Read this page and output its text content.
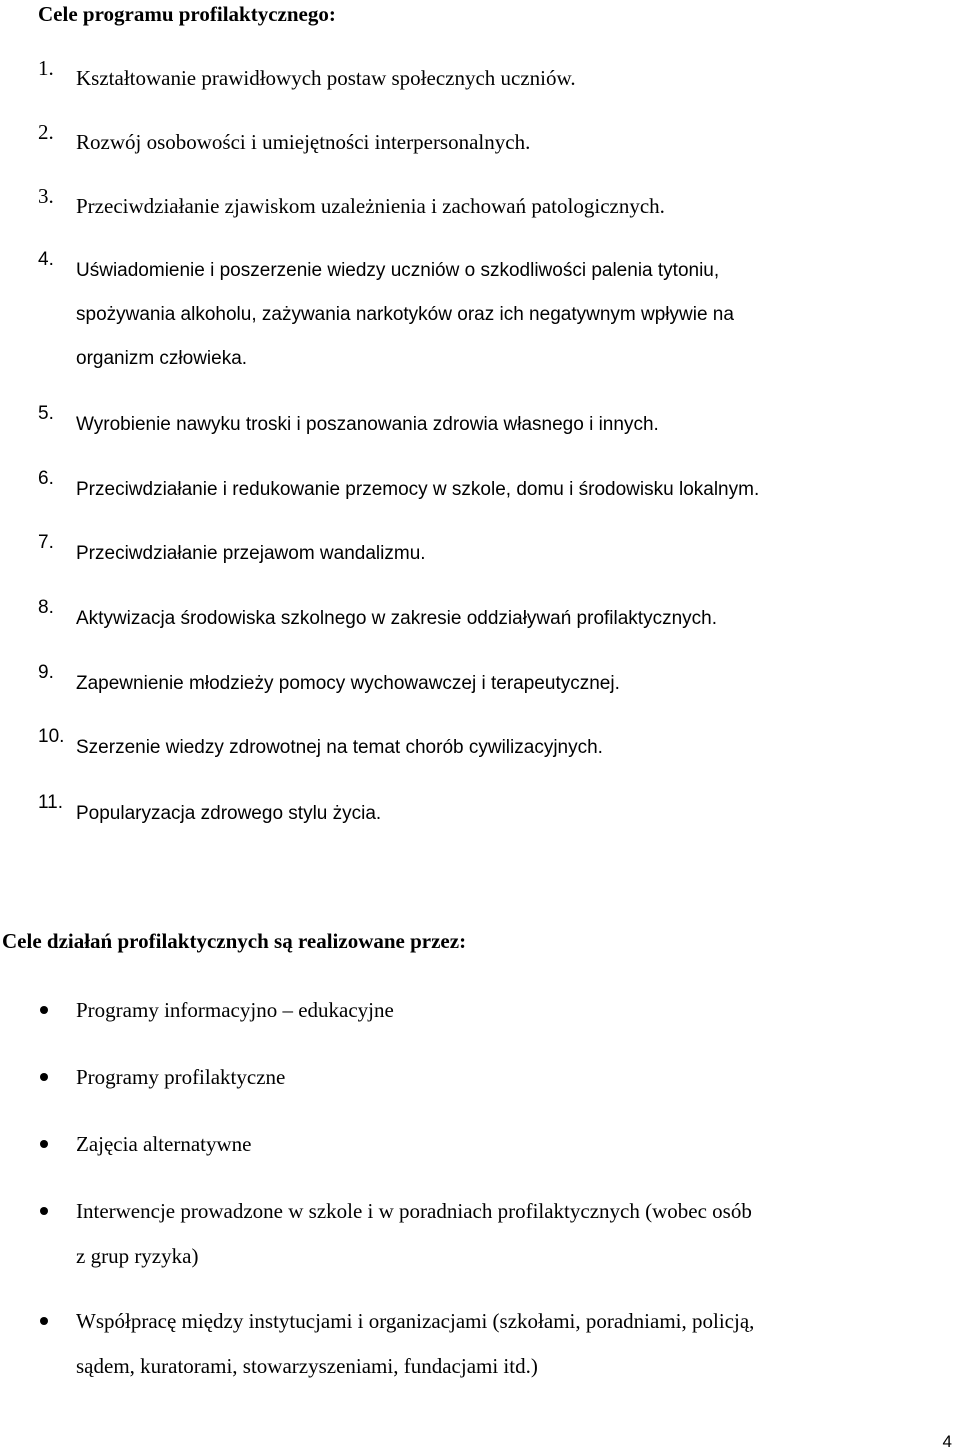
Cele programu profilaktycznego:
1. Kształtowanie prawidłowych postaw społecznych uczniów.
2. Rozwój osobowości i umiejętności interpersonalnych.
3. Przeciwdziałanie zjawiskom uzależnienia i zachowań patologicznych.
4.
Uświadomienie i poszerzenie wiedzy uczniów o szkodliwości palenia tytoniu,
spożywania alkoholu, zażywania narkotyków oraz ich negatywnym wpływie na
organizm człowieka.
5.
Wyrobienie nawyku troski i poszanowania zdrowia własnego i innych.
6.
Przeciwdziałanie i redukowanie przemocy w szkole, domu i środowisku lokalnym.
7.
Przeciwdziałanie przejawom wandalizmu.
8.
Aktywizacja środowiska szkolnego w zakresie oddziaływań profilaktycznych.
9.
Zapewnienie młodzieży pomocy wychowawczej i terapeutycznej.
10.
Szerzenie wiedzy zdrowotnej na temat chorób cywilizacyjnych.
11.
Popularyzacja zdrowego stylu życia.
Cele działań profilaktycznych są realizowane przez:
Programy informacyjno – edukacyjne
Programy profilaktyczne
Zajęcia alternatywne
Interwencje prowadzone w szkole i w poradniach profilaktycznych (wobec osób
z grup ryzyka)
Współpracę między instytucjami i organizacjami (szkołami, poradniami, policją,
sądem, kuratorami, stowarzyszeniami, fundacjami itd.)
4
